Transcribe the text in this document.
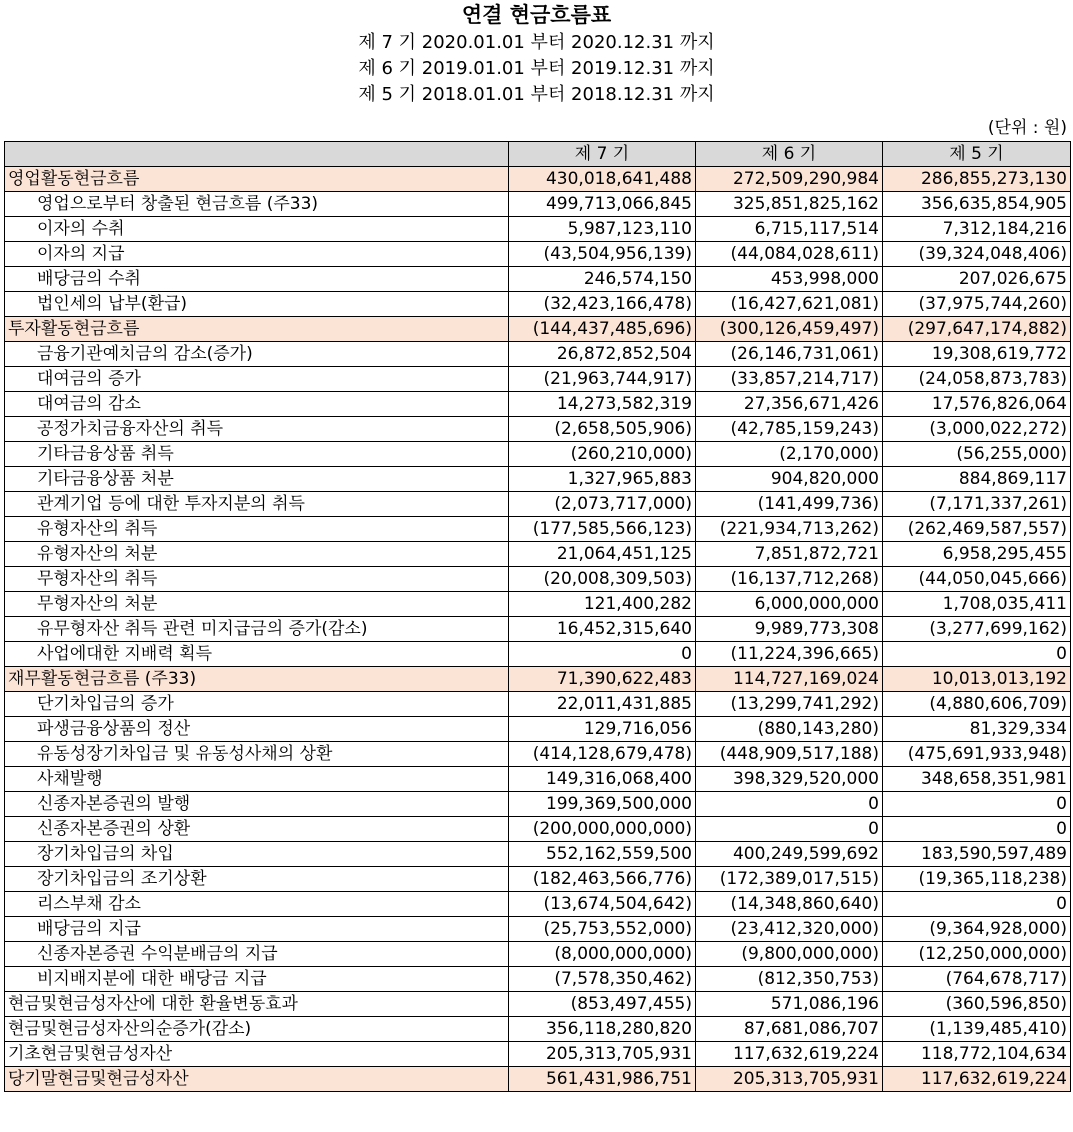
연결 현금흐름표
제 7 기 2020.01.01 부터 2020.12.31 까지
제 6 기 2019.01.01 부터 2019.12.31 까지
제 5 기 2018.01.01 부터 2018.12.31 까지
(단위 : 원)
	제 7 기	제 6 기	제 5 기
영업활동현금흐름	430,018,641,488	272,509,290,984	286,855,273,130
영업으로부터 창출된 현금흐름 (주33)	499,713,066,845	325,851,825,162	356,635,854,905
이자의 수취	5,987,123,110	6,715,117,514	7,312,184,216
이자의 지급	(43,504,956,139)	(44,084,028,611)	(39,324,048,406)
배당금의 수취	246,574,150	453,998,000	207,026,675
법인세의 납부(환급)	(32,423,166,478)	(16,427,621,081)	(37,975,744,260)
투자활동현금흐름	(144,437,485,696)	(300,126,459,497)	(297,647,174,882)
금융기관예치금의 감소(증가)	26,872,852,504	(26,146,731,061)	19,308,619,772
대여금의 증가	(21,963,744,917)	(33,857,214,717)	(24,058,873,783)
대여금의 감소	14,273,582,319	27,356,671,426	17,576,826,064
공정가치금융자산의 취득	(2,658,505,906)	(42,785,159,243)	(3,000,022,272)
기타금융상품 취득	(260,210,000)	(2,170,000)	(56,255,000)
기타금융상품 처분	1,327,965,883	904,820,000	884,869,117
관계기업 등에 대한 투자지분의 취득	(2,073,717,000)	(141,499,736)	(7,171,337,261)
유형자산의 취득	(177,585,566,123)	(221,934,713,262)	(262,469,587,557)
유형자산의 처분	21,064,451,125	7,851,872,721	6,958,295,455
무형자산의 취득	(20,008,309,503)	(16,137,712,268)	(44,050,045,666)
무형자산의 처분	121,400,282	6,000,000,000	1,708,035,411
유무형자산 취득 관련 미지급금의 증가(감소)	16,452,315,640	9,989,773,308	(3,277,699,162)
사업에대한 지배력 획득	0	(11,224,396,665)	0
재무활동현금흐름 (주33)	71,390,622,483	114,727,169,024	10,013,013,192
단기차입금의 증가	22,011,431,885	(13,299,741,292)	(4,880,606,709)
파생금융상품의 정산	129,716,056	(880,143,280)	81,329,334
유동성장기차입금 및 유동성사채의 상환	(414,128,679,478)	(448,909,517,188)	(475,691,933,948)
사채발행	149,316,068,400	398,329,520,000	348,658,351,981
신종자본증권의 발행	199,369,500,000	0	0
신종자본증권의 상환	(200,000,000,000)	0	0
장기차입금의 차입	552,162,559,500	400,249,599,692	183,590,597,489
장기차입금의 조기상환	(182,463,566,776)	(172,389,017,515)	(19,365,118,238)
리스부채 감소	(13,674,504,642)	(14,348,860,640)	0
배당금의 지급	(25,753,552,000)	(23,412,320,000)	(9,364,928,000)
신종자본증권 수익분배금의 지급	(8,000,000,000)	(9,800,000,000)	(12,250,000,000)
비지배지분에 대한 배당금 지급	(7,578,350,462)	(812,350,753)	(764,678,717)
현금및현금성자산에 대한 환율변동효과	(853,497,455)	571,086,196	(360,596,850)
현금및현금성자산의순증가(감소)	356,118,280,820	87,681,086,707	(1,139,485,410)
기초현금및현금성자산	205,313,705,931	117,632,619,224	118,772,104,634
당기말현금및현금성자산	561,431,986,751	205,313,705,931	117,632,619,224
